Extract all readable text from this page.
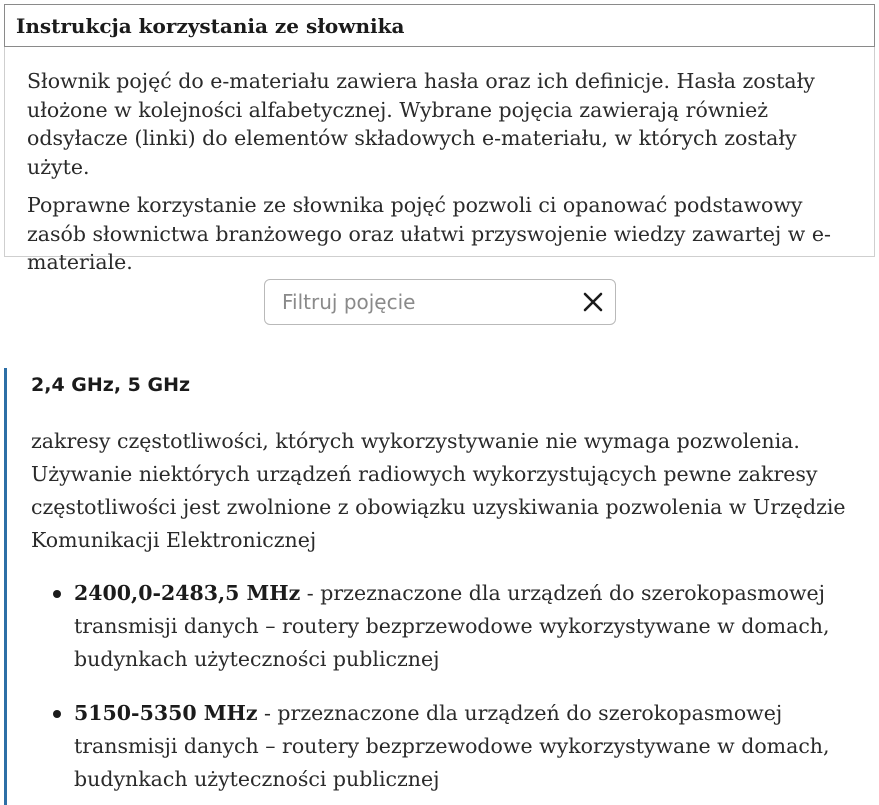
Instrukcja korzystania ze słownika

Słownik pojęć do e-materiału zawiera hasła oraz ich definicje. Hasła zostały ułożone w kolejności alfabetycznej. Wybrane pojęcia zawierają również odsyłacze (linki) do elementów składowych e-materiału, w których zostały użyte.

Poprawne korzystanie ze słownika pojęć pozwoli ci opanować podstawowy zasób słownictwa branżowego oraz ułatwi przyswojenie wiedzy zawartej w e-materiale.

Filtruj pojęcie
2,4 GHz, 5 GHz

zakresy częstotliwości, których wykorzystywanie nie wymaga pozwolenia. Używanie niektórych urządzeń radiowych wykorzystujących pewne zakresy częstotliwości jest zwolnione z obowiązku uzyskiwania pozwolenia w Urzędzie Komunikacji Elektronicznej

2400,0-2483,5 MHz - przeznaczone dla urządzeń do szerokopasmowej transmisji danych – routery bezprzewodowe wykorzystywane w domach, budynkach użyteczności publicznej
5150-5350 MHz - przeznaczone dla urządzeń do szerokopasmowej transmisji danych – routery bezprzewodowe wykorzystywane w domach, budynkach użyteczności publicznej
